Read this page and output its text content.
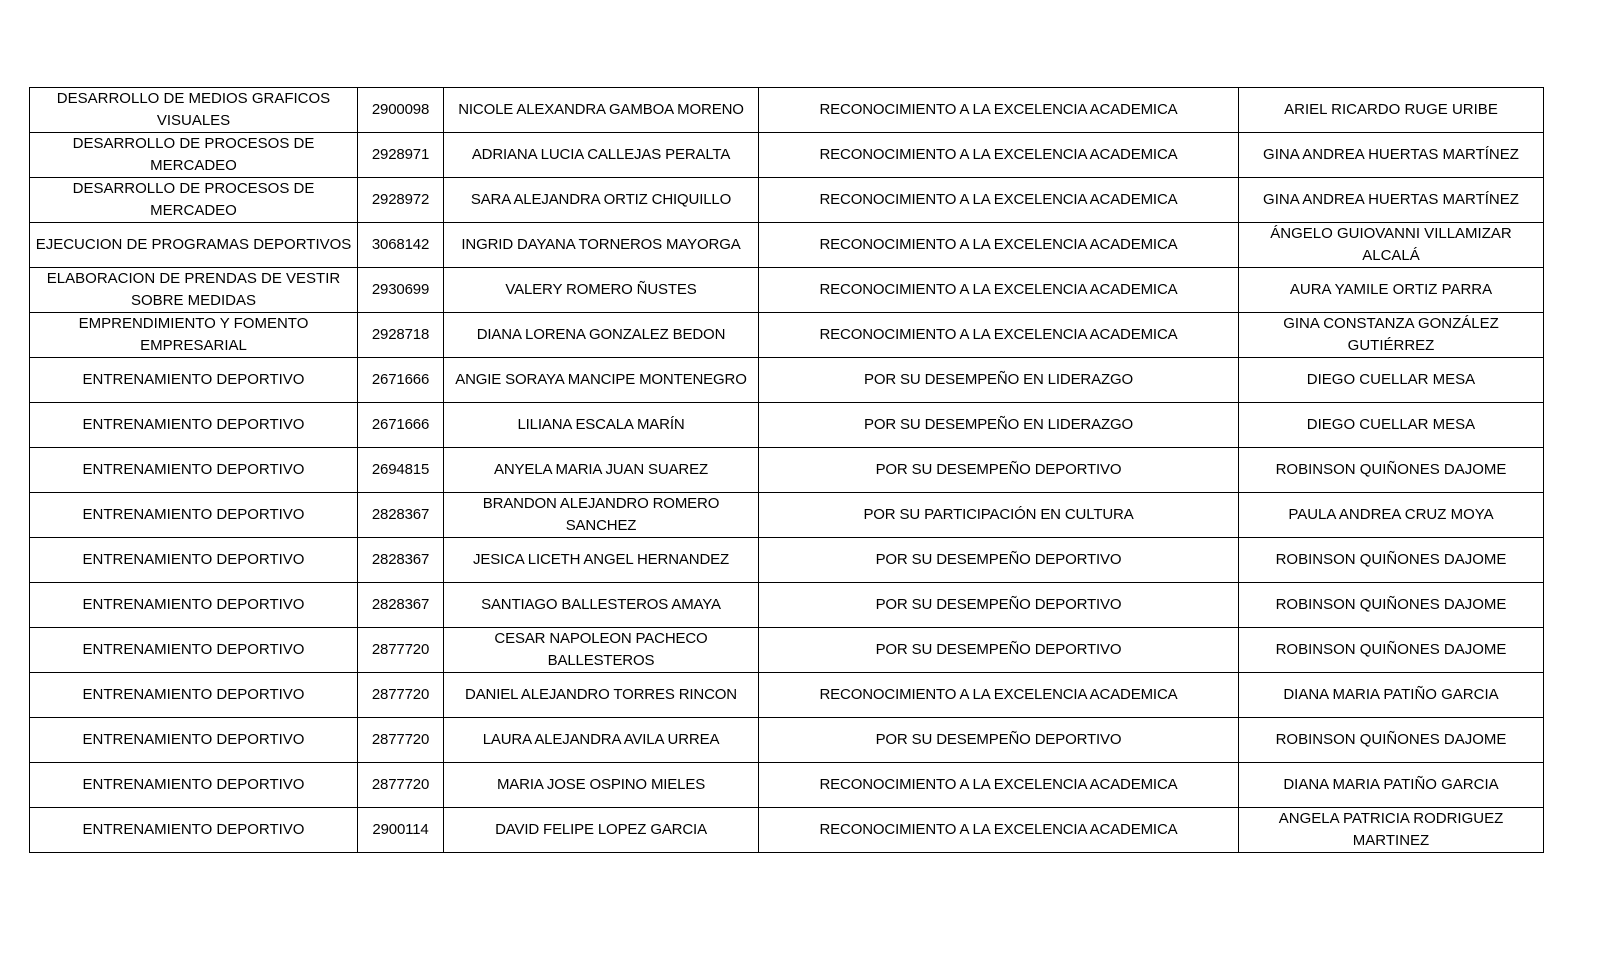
DESARROLLO DE MEDIOS GRAFICOS VISUALES	2900098	NICOLE ALEXANDRA GAMBOA MORENO	RECONOCIMIENTO A LA EXCELENCIA ACADEMICA	ARIEL RICARDO RUGE URIBE
DESARROLLO DE PROCESOS DE MERCADEO	2928971	ADRIANA LUCIA CALLEJAS PERALTA	RECONOCIMIENTO A LA EXCELENCIA ACADEMICA	GINA ANDREA HUERTAS MARTÍNEZ
DESARROLLO DE PROCESOS DE MERCADEO	2928972	SARA ALEJANDRA ORTIZ CHIQUILLO	RECONOCIMIENTO A LA EXCELENCIA ACADEMICA	GINA ANDREA HUERTAS MARTÍNEZ
EJECUCION DE PROGRAMAS DEPORTIVOS	3068142	INGRID DAYANA TORNEROS MAYORGA	RECONOCIMIENTO A LA EXCELENCIA ACADEMICA	ÁNGELO GUIOVANNI VILLAMIZAR ALCALÁ
ELABORACION DE PRENDAS DE VESTIR SOBRE MEDIDAS	2930699	VALERY ROMERO ÑUSTES	RECONOCIMIENTO A LA EXCELENCIA ACADEMICA	AURA YAMILE ORTIZ PARRA
EMPRENDIMIENTO Y FOMENTO EMPRESARIAL	2928718	DIANA LORENA GONZALEZ BEDON	RECONOCIMIENTO A LA EXCELENCIA ACADEMICA	GINA CONSTANZA GONZÁLEZ GUTIÉRREZ
ENTRENAMIENTO DEPORTIVO	2671666	ANGIE SORAYA MANCIPE MONTENEGRO	POR SU DESEMPEÑO EN LIDERAZGO	DIEGO CUELLAR MESA
ENTRENAMIENTO DEPORTIVO	2671666	LILIANA ESCALA MARÍN	POR SU DESEMPEÑO EN LIDERAZGO	DIEGO CUELLAR MESA
ENTRENAMIENTO DEPORTIVO	2694815	ANYELA MARIA JUAN SUAREZ	POR SU DESEMPEÑO DEPORTIVO	ROBINSON QUIÑONES DAJOME
ENTRENAMIENTO DEPORTIVO	2828367	BRANDON ALEJANDRO ROMERO SANCHEZ	POR SU PARTICIPACIÓN EN CULTURA	PAULA ANDREA CRUZ MOYA
ENTRENAMIENTO DEPORTIVO	2828367	JESICA LICETH ANGEL HERNANDEZ	POR SU DESEMPEÑO DEPORTIVO	ROBINSON QUIÑONES DAJOME
ENTRENAMIENTO DEPORTIVO	2828367	SANTIAGO BALLESTEROS AMAYA	POR SU DESEMPEÑO DEPORTIVO	ROBINSON QUIÑONES DAJOME
ENTRENAMIENTO DEPORTIVO	2877720	CESAR NAPOLEON PACHECO BALLESTEROS	POR SU DESEMPEÑO DEPORTIVO	ROBINSON QUIÑONES DAJOME
ENTRENAMIENTO DEPORTIVO	2877720	DANIEL ALEJANDRO TORRES RINCON	RECONOCIMIENTO A LA EXCELENCIA ACADEMICA	DIANA MARIA PATIÑO GARCIA
ENTRENAMIENTO DEPORTIVO	2877720	LAURA ALEJANDRA AVILA URREA	POR SU DESEMPEÑO DEPORTIVO	ROBINSON QUIÑONES DAJOME
ENTRENAMIENTO DEPORTIVO	2877720	MARIA JOSE OSPINO MIELES	RECONOCIMIENTO A LA EXCELENCIA ACADEMICA	DIANA MARIA PATIÑO GARCIA
ENTRENAMIENTO DEPORTIVO	2900114	DAVID FELIPE LOPEZ GARCIA	RECONOCIMIENTO A LA EXCELENCIA ACADEMICA	ANGELA PATRICIA RODRIGUEZ MARTINEZ
